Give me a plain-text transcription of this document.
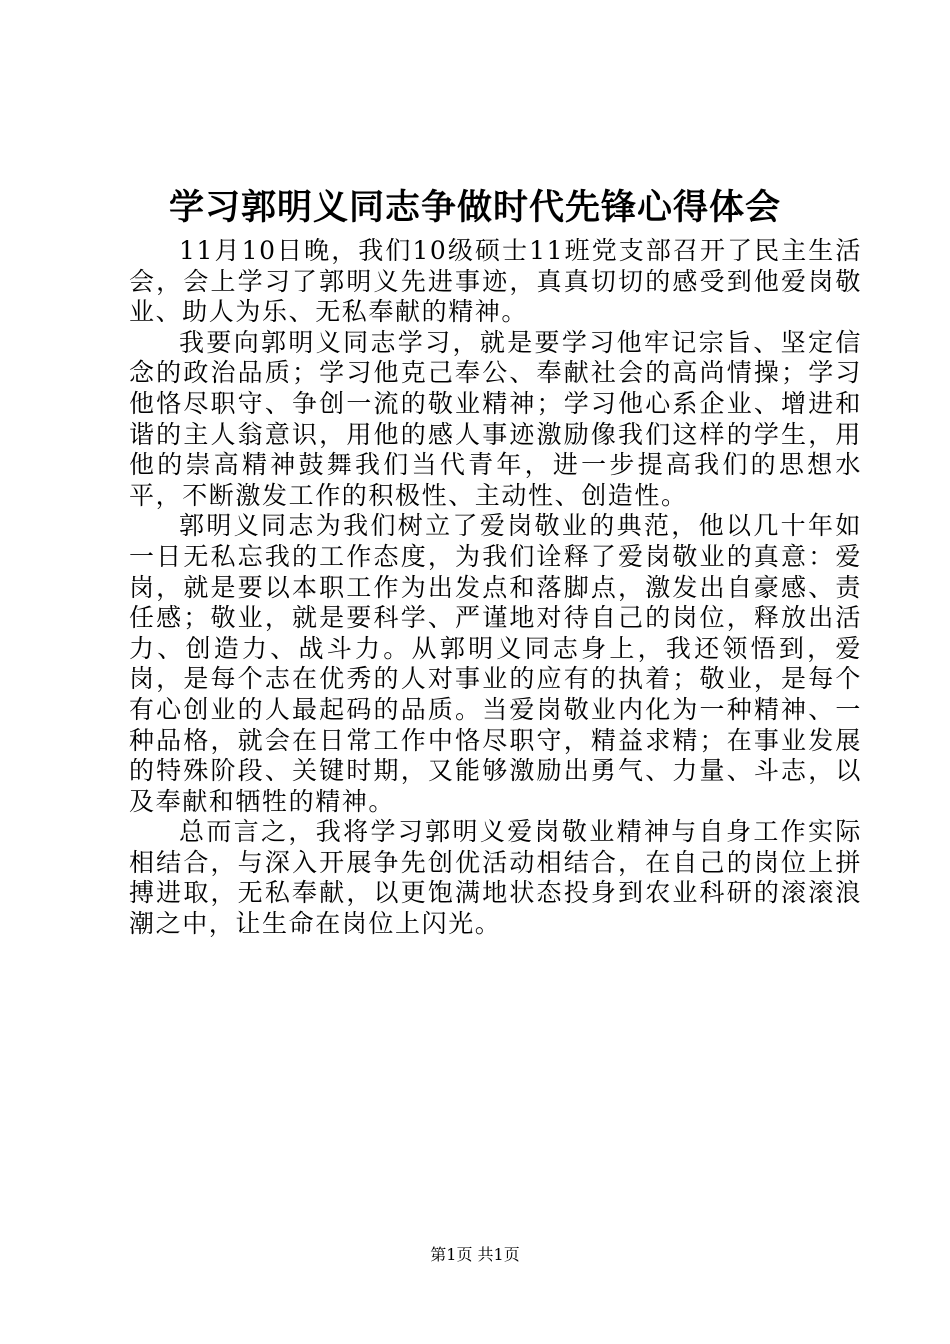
学习郭明义同志争做时代先锋心得体会

11月10日晚，我们10级硕士11班党支部召开了民主生活会，会上学习了郭明义先进事迹，真真切切的感受到他爱岗敬业、助人为乐、无私奉献的精神。

我要向郭明义同志学习，就是要学习他牢记宗旨、坚定信念的政治品质；学习他克己奉公、奉献社会的高尚情操；学习他恪尽职守、争创一流的敬业精神；学习他心系企业、增进和谐的主人翁意识，用他的感人事迹激励像我们这样的学生，用他的崇高精神鼓舞我们当代青年，进一步提高我们的思想水平，不断激发工作的积极性、主动性、创造性。

郭明义同志为我们树立了爱岗敬业的典范，他以几十年如一日无私忘我的工作态度，为我们诠释了爱岗敬业的真意：爱岗，就是要以本职工作为出发点和落脚点，激发出自豪感、责任感；敬业，就是要科学、严谨地对待自己的岗位，释放出活力、创造力、战斗力。从郭明义同志身上，我还领悟到，爱岗，是每个志在优秀的人对事业的应有的执着；敬业，是每个有心创业的人最起码的品质。当爱岗敬业内化为一种精神、一种品格，就会在日常工作中恪尽职守，精益求精；在事业发展的特殊阶段、关键时期，又能够激励出勇气、力量、斗志，以及奉献和牺牲的精神。

总而言之，我将学习郭明义爱岗敬业精神与自身工作实际相结合，与深入开展争先创优活动相结合，在自己的岗位上拼搏进取，无私奉献，以更饱满地状态投身到农业科研的滚滚浪潮之中，让生命在岗位上闪光。

第1页 共1页
